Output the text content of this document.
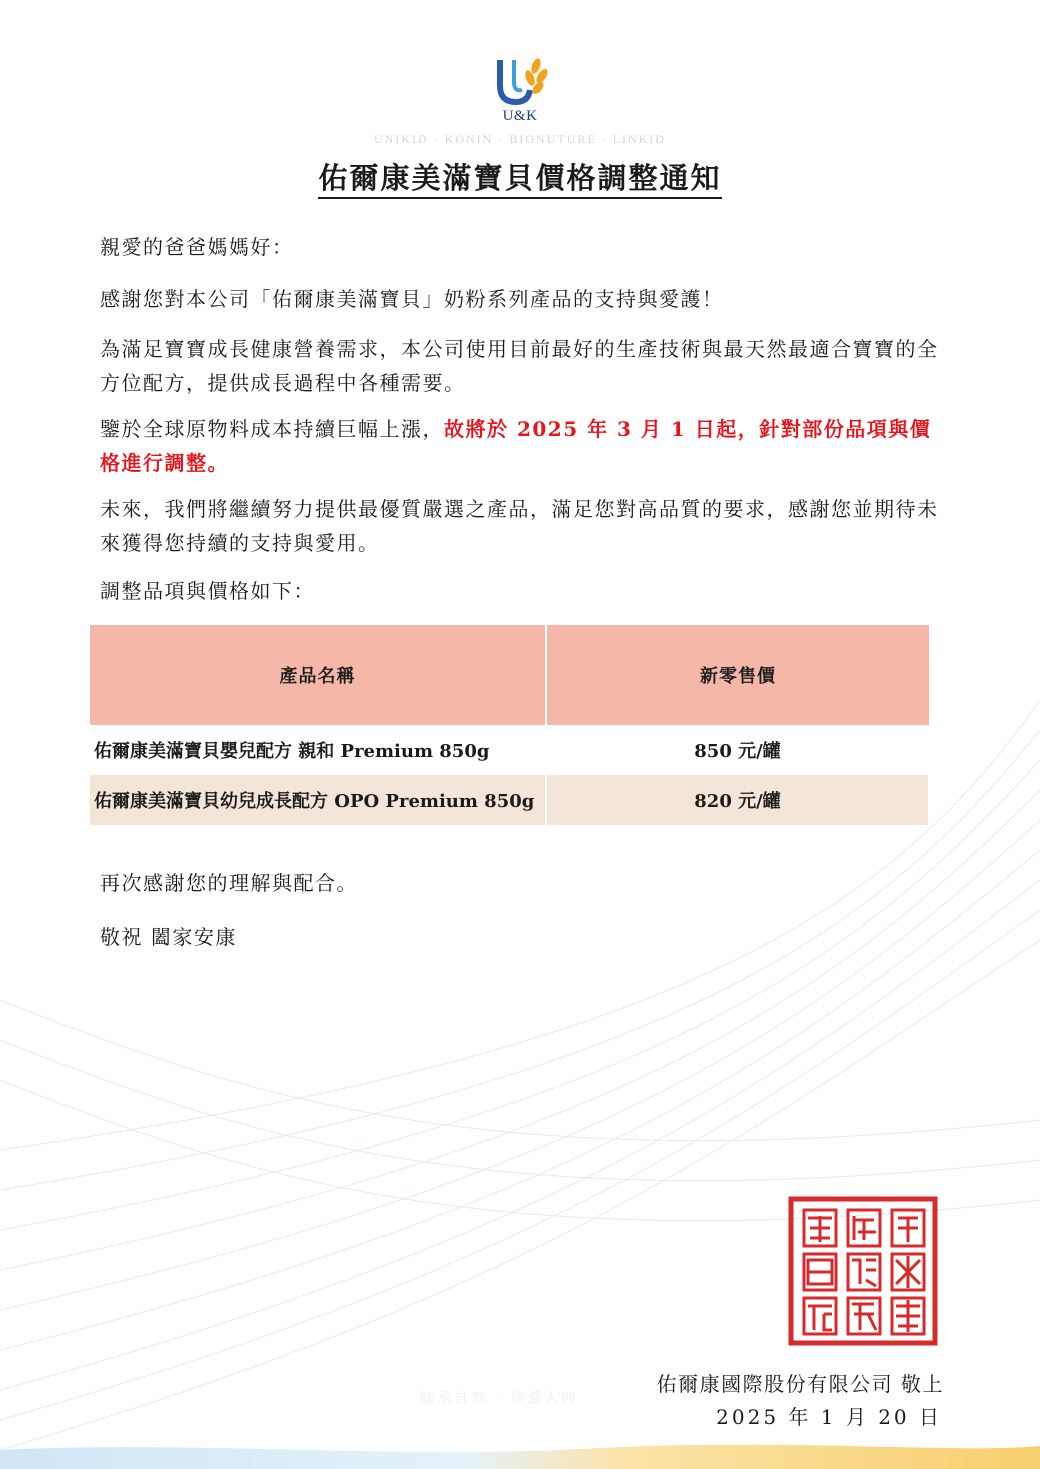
U&K
UNIKID · KONIN · BIONUTURE · LINKID
佑爾康美滿寶貝價格調整通知
親愛的爸爸媽媽好：
感謝您對本公司「佑爾康美滿寶貝」奶粉系列產品的支持與愛護！
為滿足寶寶成長健康營養需求，本公司使用目前最好的生產技術與最天然最適合寶寶的全方位配方，提供成長過程中各種需要。
鑒於全球原物料成本持續巨幅上漲，故將於 2025 年 3 月 1 日起，針對部份品項與價格進行調整。
未來，我們將繼續努力提供最優質嚴選之產品，滿足您對高品質的要求，感謝您並期待未來獲得您持續的支持與愛用。
調整品項與價格如下：
產品名稱	新零售價
佑爾康美滿寶貝嬰兒配方 親和 Premium 850g	850 元/罐
佑爾康美滿寶貝幼兒成長配方 OPO Premium 850g	820 元/罐
再次感謝您的理解與配合。
敬祝 闔家安康
師承自然 · 珍愛人間
佑爾康國際股份有限公司 敬上
2025 年 1 月 20 日
